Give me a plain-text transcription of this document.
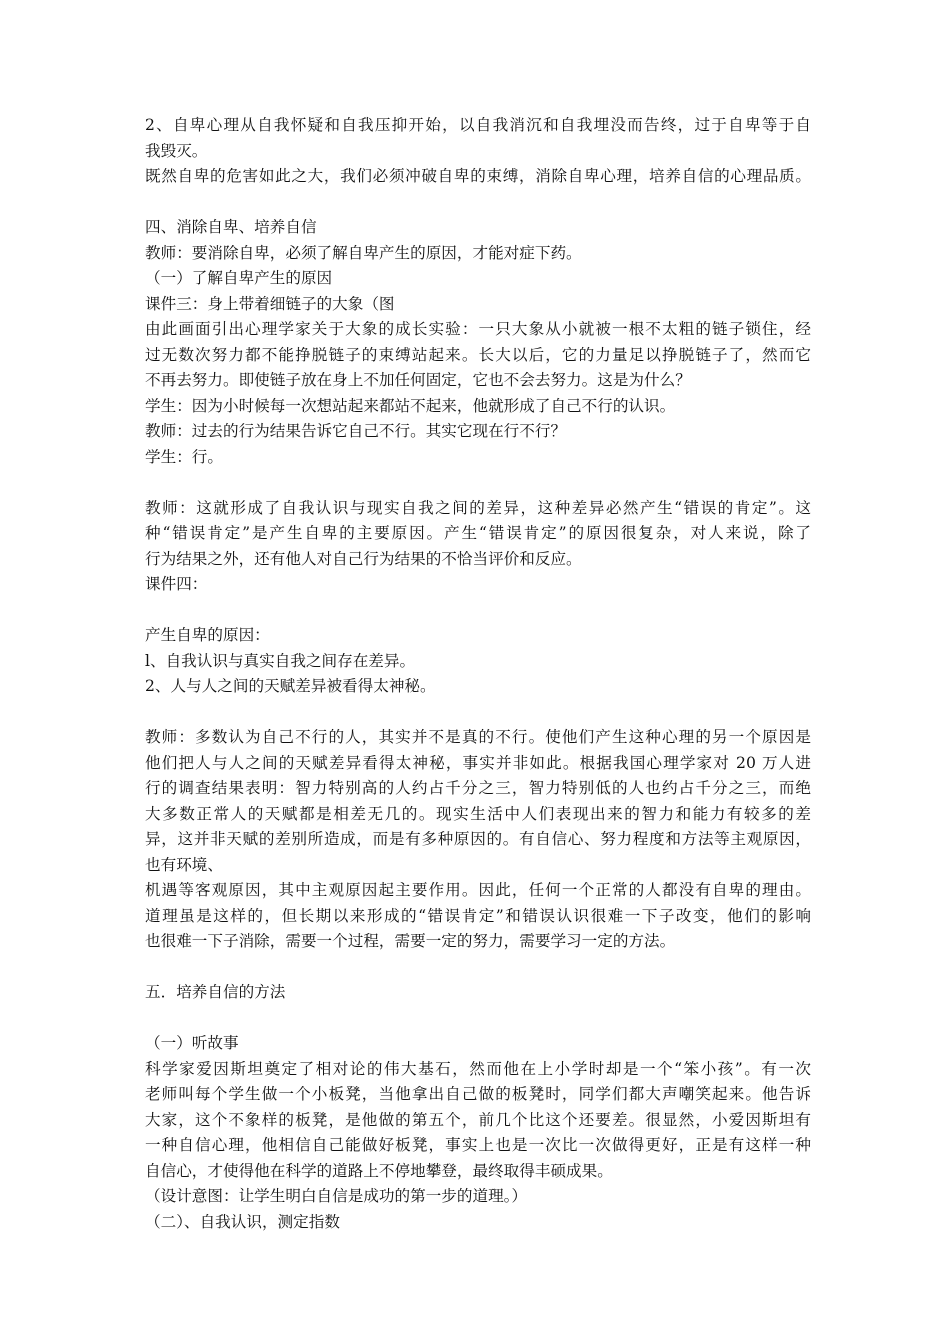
2、自卑心理从自我怀疑和自我压抑开始，以自我消沉和自我埋没而告终，过于自卑等于自
我毁灭。
既然自卑的危害如此之大，我们必须冲破自卑的束缚，消除自卑心理，培养自信的心理品质。
四、消除自卑、培养自信
教师：要消除自卑，必须了解自卑产生的原因，才能对症下药。
（一）了解自卑产生的原因
课件三：身上带着细链子的大象（图
由此画面引出心理学家关于大象的成长实验：一只大象从小就被一根不太粗的链子锁住，经
过无数次努力都不能挣脱链子的束缚站起来。长大以后，它的力量足以挣脱链子了，然而它
不再去努力。即使链子放在身上不加任何固定，它也不会去努力。这是为什么？
学生：因为小时候每一次想站起来都站不起来，他就形成了自己不行的认识。
教师：过去的行为结果告诉它自己不行。其实它现在行不行？
学生：行。
教师：这就形成了自我认识与现实自我之间的差异，这种差异必然产生“错误的肯定”。这
种“错误肯定”是产生自卑的主要原因。产生“错误肯定”的原因很复杂，对人来说，除了
行为结果之外，还有他人对自己行为结果的不恰当评价和反应。
课件四：
产生自卑的原因：
l、自我认识与真实自我之间存在差异。
2、人与人之间的天赋差异被看得太神秘。
教师：多数认为自己不行的人，其实并不是真的不行。使他们产生这种心理的另一个原因是
他们把人与人之间的天赋差异看得太神秘，事实并非如此。根据我国心理学家对 20 万人进
行的调查结果表明：智力特别高的人约占千分之三，智力特别低的人也约占千分之三，而绝
大多数正常人的天赋都是相差无几的。现实生活中人们表现出来的智力和能力有较多的差
异，这并非天赋的差别所造成，而是有多种原因的。有自信心、努力程度和方法等主观原因，
也有环境、
机遇等客观原因，其中主观原因起主要作用。因此，任何一个正常的人都没有自卑的理由。
道理虽是这样的，但长期以来形成的“错误肯定”和错误认识很难一下子改变，他们的影响
也很难一下子消除，需要一个过程，需要一定的努力，需要学习一定的方法。
五．培养自信的方法
（一）听故事
科学家爱因斯坦奠定了相对论的伟大基石，然而他在上小学时却是一个“笨小孩”。有一次
老师叫每个学生做一个小板凳，当他拿出自己做的板凳时，同学们都大声嘲笑起来。他告诉
大家，这个不象样的板凳，是他做的第五个，前几个比这个还要差。很显然，小爱因斯坦有
一种自信心理，他相信自己能做好板凳，事实上也是一次比一次做得更好，正是有这样一种
自信心，才使得他在科学的道路上不停地攀登，最终取得丰硕成果。
（设计意图：让学生明白自信是成功的第一步的道理。）
（二）、自我认识，测定指数
